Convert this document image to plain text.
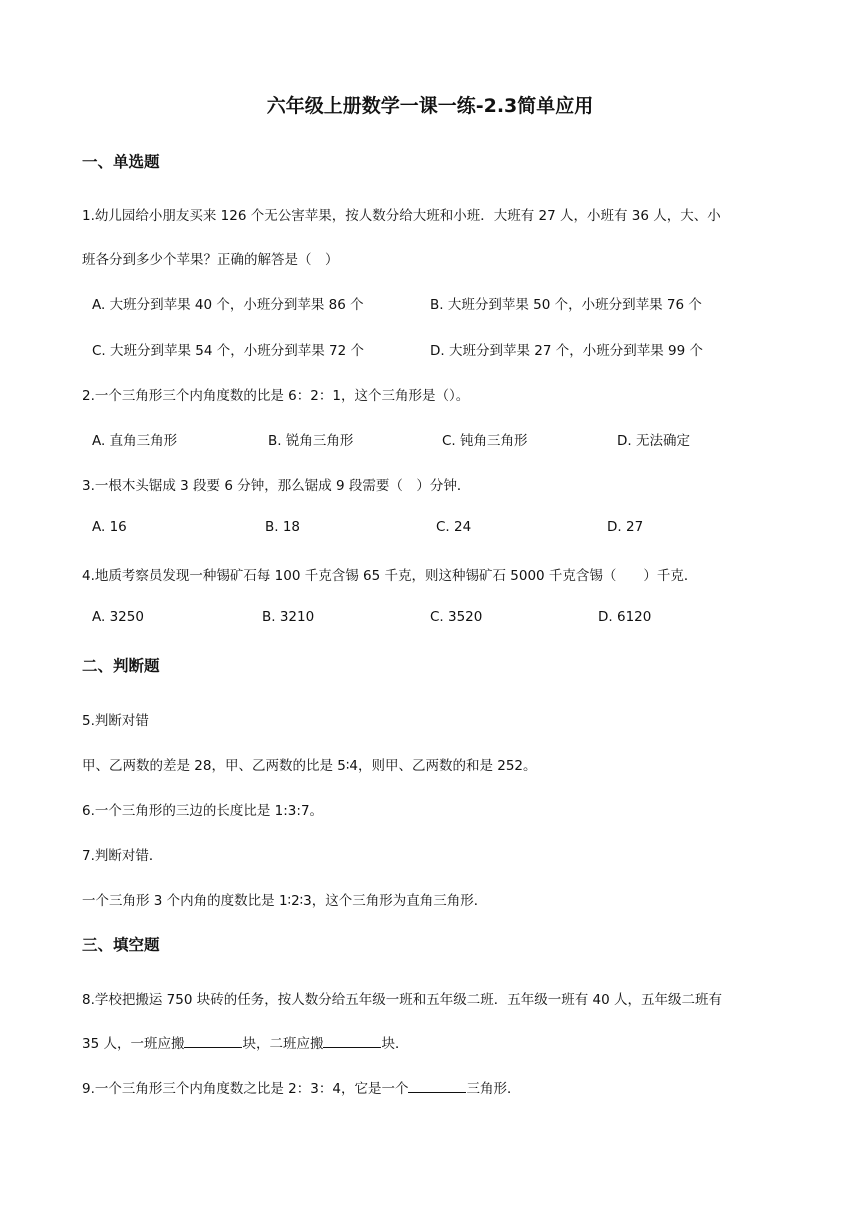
六年级上册数学一课一练-2.3简单应用
一、单选题
1.幼儿园给小朋友买来 126 个无公害苹果，按人数分给大班和小班．大班有 27 人，小班有 36 人，大、小
班各分到多少个苹果？正确的解答是（　）
A. 大班分到苹果 40 个，小班分到苹果 86 个	B. 大班分到苹果 50 个，小班分到苹果 76 个
C. 大班分到苹果 54 个，小班分到苹果 72 个	D. 大班分到苹果 27 个，小班分到苹果 99 个
2.一个三角形三个内角度数的比是 6：2：1，这个三角形是（）。
A. 直角三角形	B. 锐角三角形	C. 钝角三角形	D. 无法确定
3.一根木头锯成 3 段要 6 分钟，那么锯成 9 段需要（　）分钟．
A. 16	B. 18	C. 24	D. 27
4.地质考察员发现一种锡矿石每 100 千克含锡 65 千克，则这种锡矿石 5000 千克含锡（　　）千克．
A. 3250	B. 3210	C. 3520	D. 6120
二、判断题
5.判断对错
甲、乙两数的差是 28，甲、乙两数的比是 5∶4，则甲、乙两数的和是 252。
6.一个三角形的三边的长度比是 1:3:7。
7.判断对错．
一个三角形 3 个内角的度数比是 1∶2∶3，这个三角形为直角三角形．
三、填空题
8.学校把搬运 750 块砖的任务，按人数分给五年级一班和五年级二班．五年级一班有 40 人，五年级二班有
35 人，一班应搬	块，二班应搬	块．
9.一个三角形三个内角度数之比是 2：3：4，它是一个	三角形．
